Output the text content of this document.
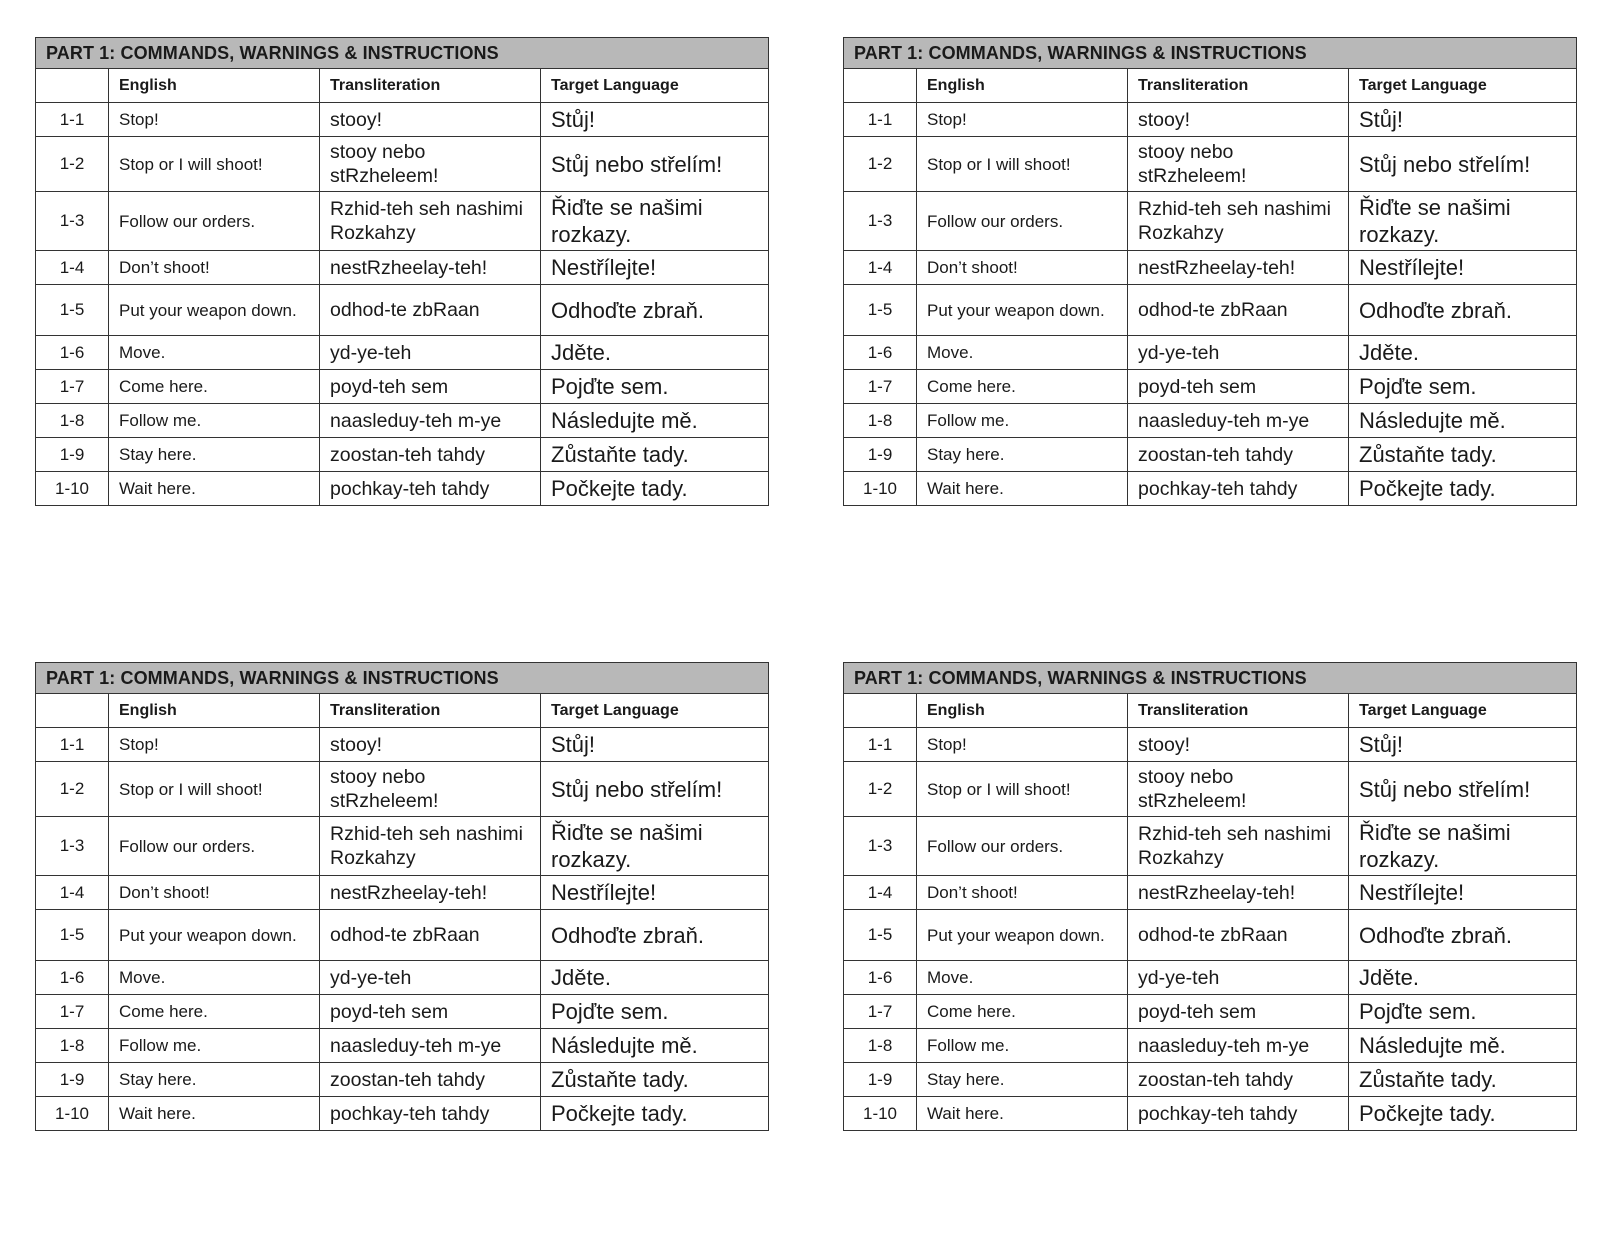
PART 1: COMMANDS, WARNINGS & INSTRUCTIONS			
	English	Transliteration	Target Language
1-1	Stop!	stooy!	Stůj!
1-2	Stop or I will shoot!	stooy nebo stRzheleem!	Stůj nebo střelím!
1-3	Follow our orders.	Rzhid-teh seh nashimi Rozkahzy	Řiďte se našimi rozkazy.
1-4	Don’t shoot!	nestRzheelay-teh!	Nestřílejte!
1-5	Put your weapon down.	odhod-te zbRaan	Odhoďte zbraň.
1-6	Move.	yd-ye-teh	Jděte.
1-7	Come here.	poyd-teh sem	Pojďte sem.
1-8	Follow me.	naasleduy-teh m-ye	Následujte mě.
1-9	Stay here.	zoostan-teh tahdy	Zůstaňte tady.
1-10	Wait here.	pochkay-teh tahdy	Počkejte tady.
PART 1: COMMANDS, WARNINGS & INSTRUCTIONS			
	English	Transliteration	Target Language
1-1	Stop!	stooy!	Stůj!
1-2	Stop or I will shoot!	stooy nebo stRzheleem!	Stůj nebo střelím!
1-3	Follow our orders.	Rzhid-teh seh nashimi Rozkahzy	Řiďte se našimi rozkazy.
1-4	Don’t shoot!	nestRzheelay-teh!	Nestřílejte!
1-5	Put your weapon down.	odhod-te zbRaan	Odhoďte zbraň.
1-6	Move.	yd-ye-teh	Jděte.
1-7	Come here.	poyd-teh sem	Pojďte sem.
1-8	Follow me.	naasleduy-teh m-ye	Následujte mě.
1-9	Stay here.	zoostan-teh tahdy	Zůstaňte tady.
1-10	Wait here.	pochkay-teh tahdy	Počkejte tady.
PART 1: COMMANDS, WARNINGS & INSTRUCTIONS			
	English	Transliteration	Target Language
1-1	Stop!	stooy!	Stůj!
1-2	Stop or I will shoot!	stooy nebo stRzheleem!	Stůj nebo střelím!
1-3	Follow our orders.	Rzhid-teh seh nashimi Rozkahzy	Řiďte se našimi rozkazy.
1-4	Don’t shoot!	nestRzheelay-teh!	Nestřílejte!
1-5	Put your weapon down.	odhod-te zbRaan	Odhoďte zbraň.
1-6	Move.	yd-ye-teh	Jděte.
1-7	Come here.	poyd-teh sem	Pojďte sem.
1-8	Follow me.	naasleduy-teh m-ye	Následujte mě.
1-9	Stay here.	zoostan-teh tahdy	Zůstaňte tady.
1-10	Wait here.	pochkay-teh tahdy	Počkejte tady.
PART 1: COMMANDS, WARNINGS & INSTRUCTIONS			
	English	Transliteration	Target Language
1-1	Stop!	stooy!	Stůj!
1-2	Stop or I will shoot!	stooy nebo stRzheleem!	Stůj nebo střelím!
1-3	Follow our orders.	Rzhid-teh seh nashimi Rozkahzy	Řiďte se našimi rozkazy.
1-4	Don’t shoot!	nestRzheelay-teh!	Nestřílejte!
1-5	Put your weapon down.	odhod-te zbRaan	Odhoďte zbraň.
1-6	Move.	yd-ye-teh	Jděte.
1-7	Come here.	poyd-teh sem	Pojďte sem.
1-8	Follow me.	naasleduy-teh m-ye	Následujte mě.
1-9	Stay here.	zoostan-teh tahdy	Zůstaňte tady.
1-10	Wait here.	pochkay-teh tahdy	Počkejte tady.
